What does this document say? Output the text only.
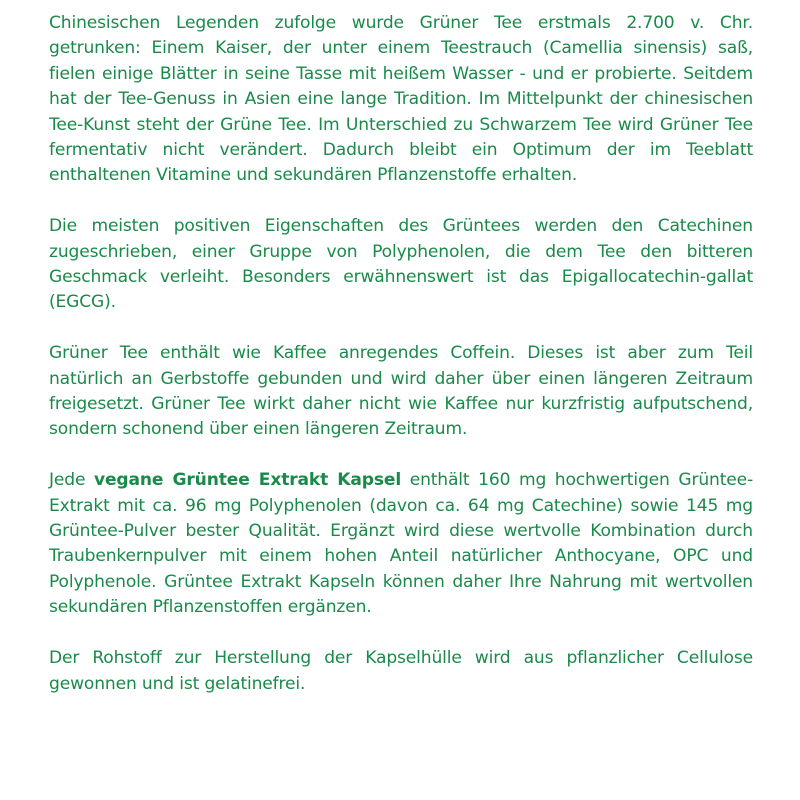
Chinesischen Legenden zufolge wurde Grüner Tee erstmals 2.700 v. Chr. getrunken: Einem Kaiser, der unter einem Teestrauch (Camellia sinensis) saß, fielen einige Blätter in seine Tasse mit heißem Wasser - und er probierte. Seitdem hat der Tee-Genuss in Asien eine lange Tradition. Im Mittelpunkt der chinesischen Tee-Kunst steht der Grüne Tee. Im Unterschied zu Schwarzem Tee wird Grüner Tee fermentativ nicht verändert. Dadurch bleibt ein Optimum der im Teeblatt enthaltenen Vitamine und sekundären Pflanzenstoffe erhalten.

Die meisten positiven Eigenschaften des Grüntees werden den Catechinen zugeschrieben, einer Gruppe von Polyphenolen, die dem Tee den bitteren Geschmack verleiht. Besonders erwähnenswert ist das Epigallocatechin-gallat (EGCG).

Grüner Tee enthält wie Kaffee anregendes Coffein. Dieses ist aber zum Teil natürlich an Gerbstoffe gebunden und wird daher über einen längeren Zeitraum freigesetzt. Grüner Tee wirkt daher nicht wie Kaffee nur kurzfristig aufputschend, sondern schonend über einen längeren Zeitraum.

Jede vegane Grüntee Extrakt Kapsel enthält 160 mg hochwertigen Grüntee-Extrakt mit ca. 96 mg Polyphenolen (davon ca. 64 mg Catechine) sowie 145 mg Grüntee-Pulver bester Qualität. Ergänzt wird diese wertvolle Kombination durch Traubenkernpulver mit einem hohen Anteil natürlicher Anthocyane, OPC und Polyphenole. Grüntee Extrakt Kapseln können daher Ihre Nahrung mit wertvollen sekundären Pflanzenstoffen ergänzen.

Der Rohstoff zur Herstellung der Kapselhülle wird aus pflanzlicher Cellulose gewonnen und ist gelatinefrei.
